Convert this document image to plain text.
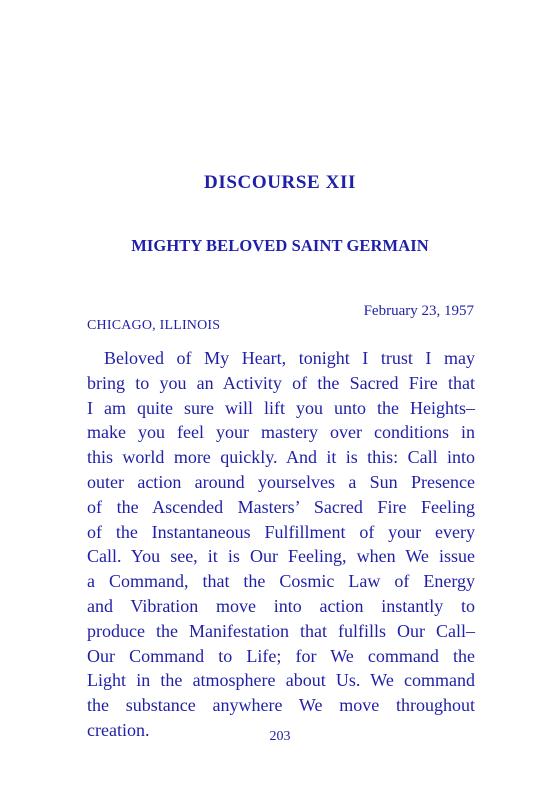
DISCOURSE XII
MIGHTY BELOVED SAINT GERMAIN
February 23, 1957
CHICAGO, ILLINOIS
Beloved of My Heart, tonight I trust I may
bring to you an Activity of the Sacred Fire that
I am quite sure will lift you unto the Heights–
make you feel your mastery over conditions in
this world more quickly. And it is this: Call into
outer action around yourselves a Sun Presence
of the Ascended Masters’ Sacred Fire Feeling
of the Instantaneous Fulfillment of your every
Call. You see, it is Our Feeling, when We issue
a Command, that the Cosmic Law of Energy
and Vibration move into action instantly to
produce the Manifestation that fulfills Our Call–
Our Command to Life; for We command the
Light in the atmosphere about Us. We command
the substance anywhere We move throughout
creation.	203
